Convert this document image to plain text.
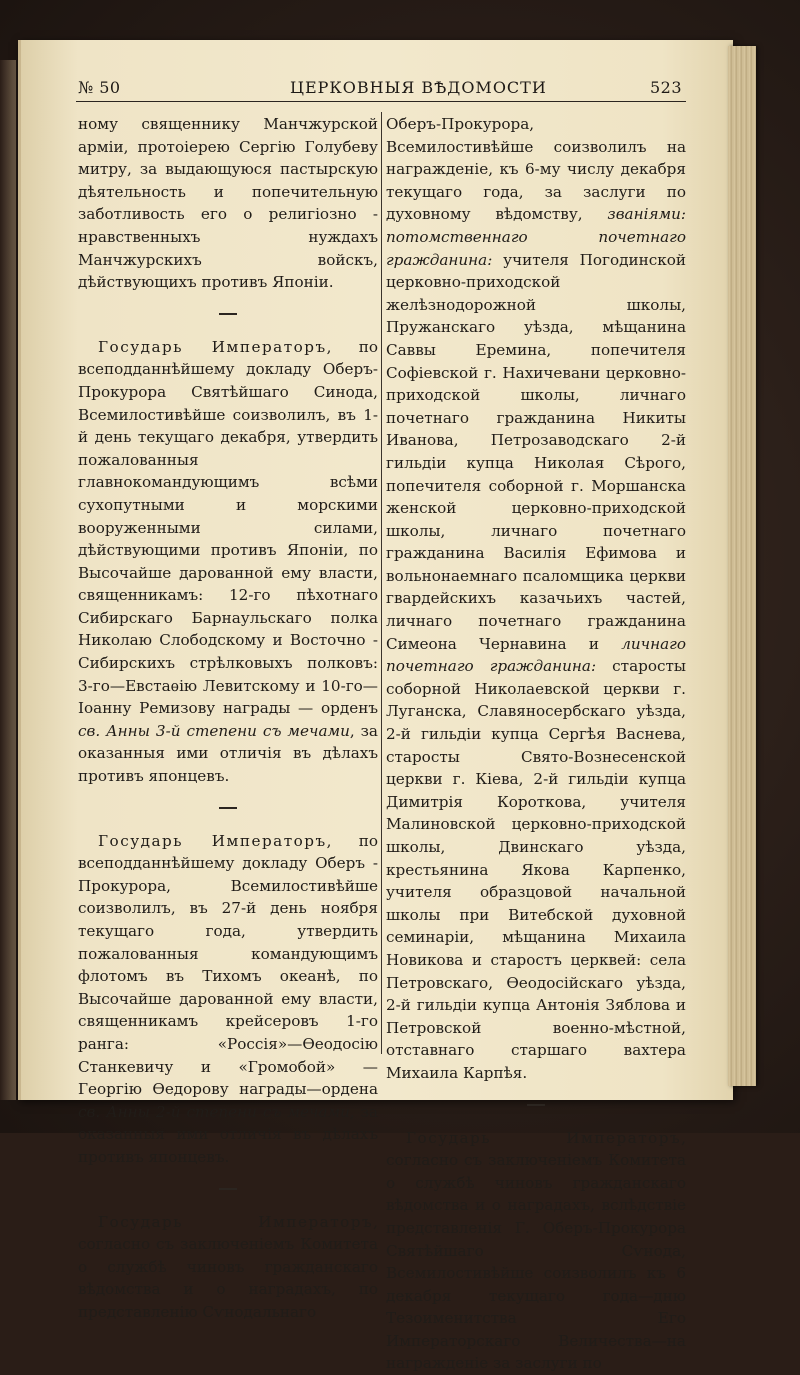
№ 50	ЦЕРКОВНЫЯ ВѢДОМОСТИ	523

ному священнику Манчжурской арміи, протоіерею Сергію Голубеву митру, за выдающуюся пастырскую дѣятельность и попечительную заботливость его о религіозно - нравственныхъ нуждахъ Манчжурскихъ войскъ, дѣйствующихъ противъ Японіи.

Государь Императоръ, по всеподданнѣйшему докладу Оберъ-Прокурора Святѣйшаго Синода, Всемилостивѣйше соизволилъ, въ 1-й день текущаго декабря, утвердить пожалованныя главнокомандующимъ всѣми сухопутными и морскими вооруженными силами, дѣйствующими противъ Японіи, по Высочайше дарованной ему власти, священникамъ: 12-го пѣхотнаго Сибирскаго Барнаульскаго полка Николаю Слободскому и Восточно - Сибирскихъ стрѣлковыхъ полковъ: 3-го—Евстаѳію Левитскому и 10-го—Іоанну Ремизову награды — орденъ св. Анны 3-й степени съ мечами, за оказанныя ими отличія въ дѣлахъ противъ японцевъ.

Государь Императоръ, по всеподданнѣйшему докладу Оберъ - Прокурора, Всемилостивѣйше соизволилъ, въ 27-й день ноября текущаго года, утвердить пожалованныя командующимъ флотомъ въ Тихомъ океанѣ, по Высочайше дарованной ему власти, священникамъ крейсеровъ 1-го ранга: «Россія»—Ѳеодосію Станкевичу и «Громобой» — Георгію Ѳедорову награды—ордена св. Анны 2-й степени съ мечами, за оказанныя ими отличія въ дѣлахъ противъ японцевъ.

Государь Императоръ, согласно съ заключеніемъ Комитета о службѣ чиновъ гражданскаго вѣдомства и о наградахъ, по представленію Сѵнодальнаго

Оберъ-Прокурора, Всемилостивѣйше соизволилъ на награжденіе, къ 6-му числу декабря текущаго года, за заслуги по духовному вѣдомству, званіями: потомственнаго почетнаго гражданина: учителя Погодинской церковно-приходской желѣзнодорожной школы, Пружанскаго уѣзда, мѣщанина Саввы Еремина, попечителя Софіевской г. Нахичевани церковно-приходской школы, личнаго почетнаго гражданина Никиты Иванова, Петрозаводскаго 2-й гильдіи купца Николая Сѣрого, попечителя соборной г. Моршанска женской церковно-приходской школы, личнаго почетнаго гражданина Василія Ефимова и вольнонаемнаго псаломщика церкви гвардейскихъ казачьихъ частей, личнаго почетнаго гражданина Симеона Чернавина и личнаго почетнаго гражданина: старосты соборной Николаевской церкви г. Луганска, Славяносербскаго уѣзда, 2-й гильдіи купца Сергѣя Васнева, старосты Свято-Вознесенской церкви г. Кіева, 2-й гильдіи купца Димитрія Короткова, учителя Малиновской церковно-приходской школы, Двинскаго уѣзда, крестьянина Якова Карпенко, учителя образцовой начальной школы при Витебской духовной семинаріи, мѣщанина Михаила Новикова и старостъ церквей: села Петровскаго, Ѳеодосійскаго уѣзда, 2-й гильдіи купца Антонія Зяблова и Петровской военно-мѣстной, отставнаго старшаго вахтера Михаила Карпѣя.

Государь Императоръ, согласно съ заключеніемъ Комитета о службѣ чиновъ гражданскаго вѣдомства и о наградахъ, вслѣдствіе представленія Г. Оберъ-Прокурора Святѣйшаго Сѵнода, Всемилостивѣйше соизволилъ къ 6 декабря текущаго года—дню Тезоименитства Его Императорскаго Величества—на награжденіе за заслуги по
